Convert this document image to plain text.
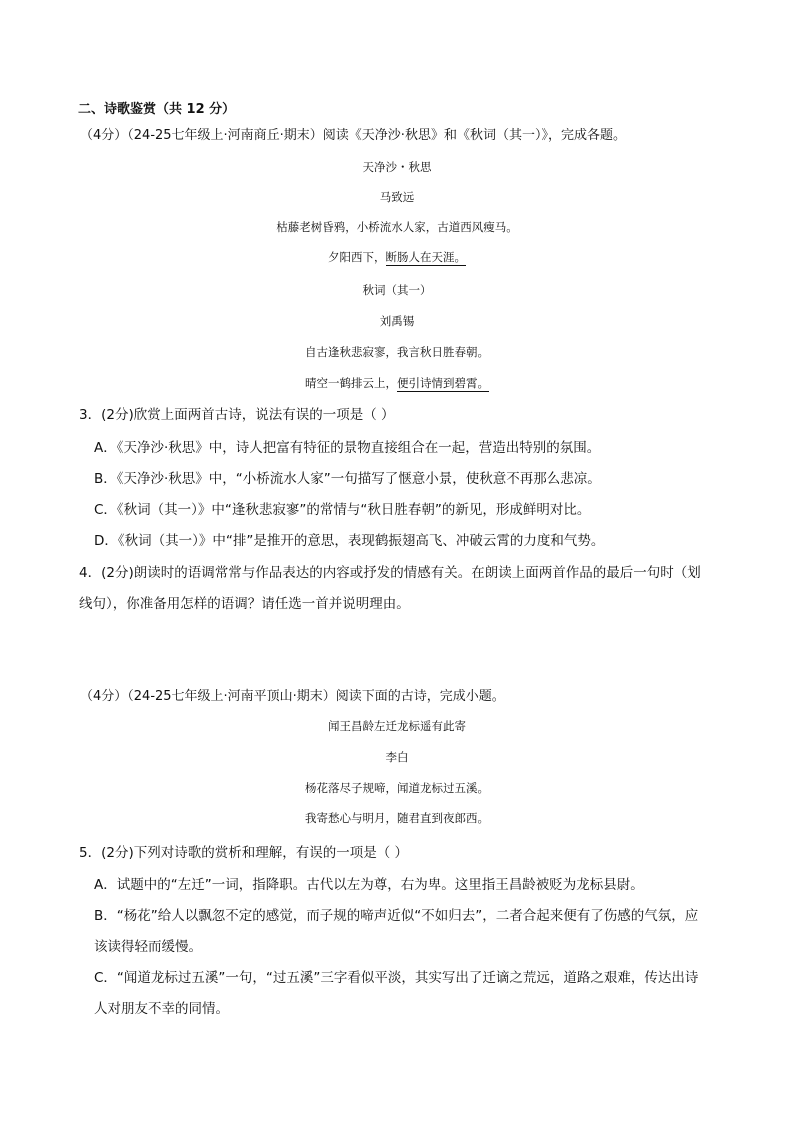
二、诗歌鉴赏（共 12 分）
（4分）（24-25七年级上·河南商丘·期末）阅读《天净沙·秋思》和《秋词（其一）》，完成各题。
天净沙・秋思
马致远
枯藤老树昏鸦，小桥流水人家，古道西风瘦马。
夕阳西下，断肠人在天涯。
秋词（其一）
刘禹锡
自古逢秋悲寂寥，我言秋日胜春朝。
晴空一鹤排云上，便引诗情到碧霄。
3．(2分)欣赏上面两首古诗，说法有误的一项是（ ）
A．《天净沙·秋思》中，诗人把富有特征的景物直接组合在一起，营造出特别的氛围。
B．《天净沙·秋思》中，“小桥流水人家”一句描写了惬意小景，使秋意不再那么悲凉。
C．《秋词（其一）》中“逢秋悲寂寥”的常情与“秋日胜春朝”的新见，形成鲜明对比。
D．《秋词（其一）》中“排”是推开的意思，表现鹤振翅高飞、冲破云霄的力度和气势。
4．(2分)朗读时的语调常常与作品表达的内容或抒发的情感有关。在朗读上面两首作品的最后一句时（划
线句），你准备用怎样的语调？请任选一首并说明理由。
（4分）（24-25七年级上·河南平顶山·期末）阅读下面的古诗，完成小题。
闻王昌龄左迁龙标遥有此寄
李白
杨花落尽子规啼，闻道龙标过五溪。
我寄愁心与明月，随君直到夜郎西。
5．(2分)下列对诗歌的赏析和理解，有误的一项是（ ）
A．试题中的“左迁”一词，指降职。古代以左为尊，右为卑。这里指王昌龄被贬为龙标县尉。
B．“杨花”给人以飘忽不定的感觉，而子规的啼声近似“不如归去”，二者合起来便有了伤感的气氛，应
该读得轻而缓慢。
C．“闻道龙标过五溪”一句，“过五溪”三字看似平淡，其实写出了迁谪之荒远，道路之艰难，传达出诗
人对朋友不幸的同情。
